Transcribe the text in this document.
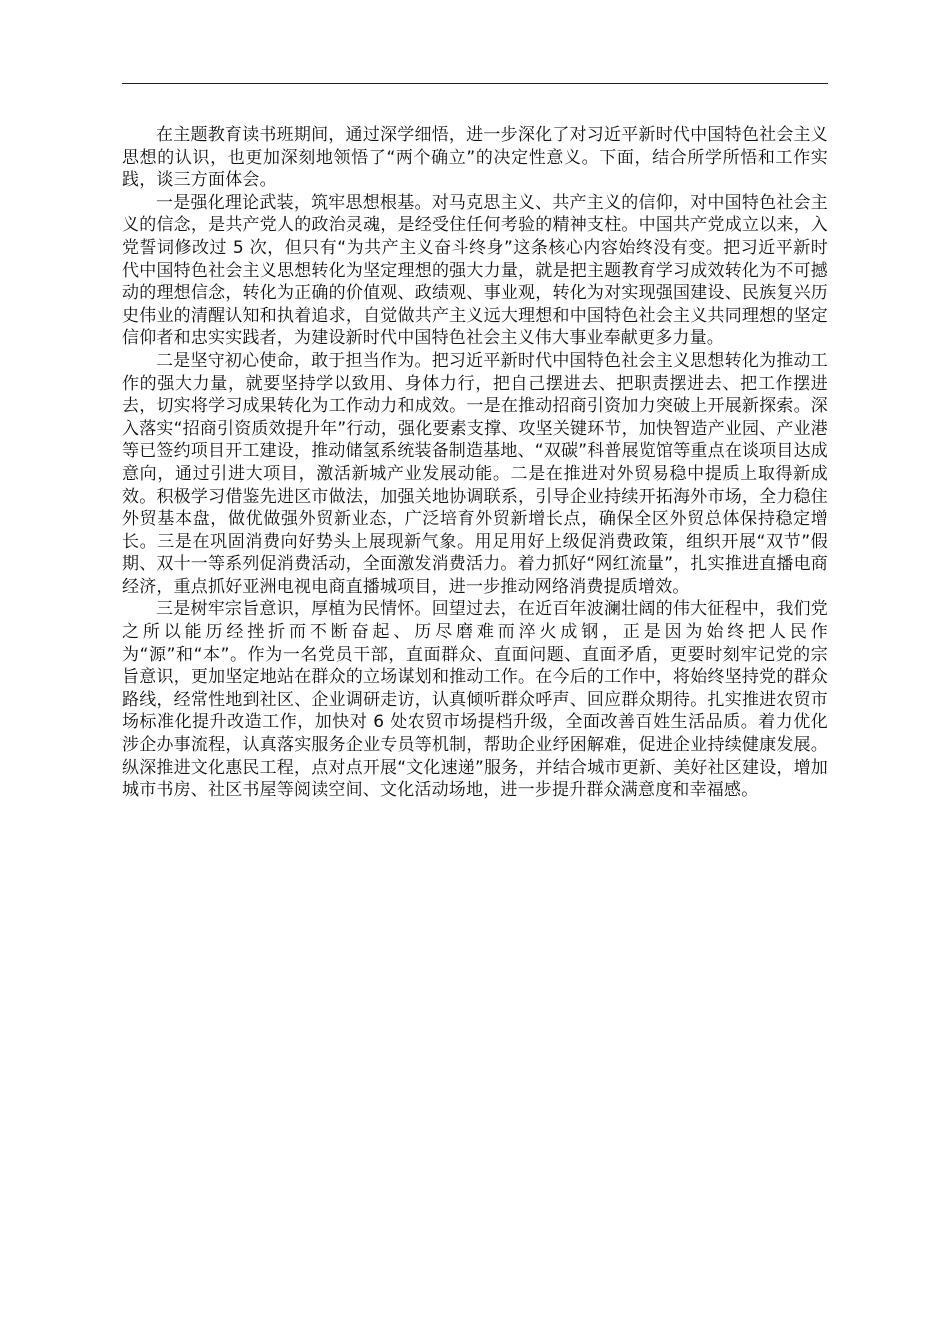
在主题教育读书班期间，通过深学细悟，进一步深化了对习近平新时代中国特色社会主义思想的认识，也更加深刻地领悟了“两个确立”的决定性意义。下面，结合所学所悟和工作实践，谈三方面体会。

一是强化理论武装，筑牢思想根基。对马克思主义、共产主义的信仰，对中国特色社会主义的信念，是共产党人的政治灵魂，是经受住任何考验的精神支柱。中国共产党成立以来，入党誓词修改过 5 次，但只有“为共产主义奋斗终身”这条核心内容始终没有变。把习近平新时代中国特色社会主义思想转化为坚定理想的强大力量，就是把主题教育学习成效转化为不可撼动的理想信念，转化为正确的价值观、政绩观、事业观，转化为对实现强国建设、民族复兴历史伟业的清醒认知和执着追求，自觉做共产主义远大理想和中国特色社会主义共同理想的坚定信仰者和忠实实践者，为建设新时代中国特色社会主义伟大事业奉献更多力量。

二是坚守初心使命，敢于担当作为。把习近平新时代中国特色社会主义思想转化为推动工作的强大力量，就要坚持学以致用、身体力行，把自己摆进去、把职责摆进去、把工作摆进去，切实将学习成果转化为工作动力和成效。一是在推动招商引资加力突破上开展新探索。深入落实“招商引资质效提升年”行动，强化要素支撑、攻坚关键环节，加快智造产业园、产业港等已签约项目开工建设，推动储氢系统装备制造基地、“双碳”科普展览馆等重点在谈项目达成意向，通过引进大项目，激活新城产业发展动能。二是在推进对外贸易稳中提质上取得新成效。积极学习借鉴先进区市做法，加强关地协调联系，引导企业持续开拓海外市场，全力稳住外贸基本盘，做优做强外贸新业态，广泛培育外贸新增长点，确保全区外贸总体保持稳定增长。三是在巩固消费向好势头上展现新气象。用足用好上级促消费政策，组织开展“双节”假期、双十一等系列促消费活动，全面激发消费活力。着力抓好“网红流量”，扎实推进直播电商经济，重点抓好亚洲电视电商直播城项目，进一步推动网络消费提质增效。

三是树牢宗旨意识，厚植为民情怀。回望过去，在近百年波澜壮阔的伟大征程中，我们党之所以能历经挫折而不断奋起、历尽磨难而淬火成钢，正是因为始终把人民作为“源”和“本”。作为一名党员干部，直面群众、直面问题、直面矛盾，更要时刻牢记党的宗旨意识，更加坚定地站在群众的立场谋划和推动工作。在今后的工作中，将始终坚持党的群众路线，经常性地到社区、企业调研走访，认真倾听群众呼声、回应群众期待。扎实推进农贸市场标准化提升改造工作，加快对 6 处农贸市场提档升级，全面改善百姓生活品质。着力优化涉企办事流程，认真落实服务企业专员等机制，帮助企业纾困解难，促进企业持续健康发展。纵深推进文化惠民工程，点对点开展“文化速递”服务，并结合城市更新、美好社区建设，增加城市书房、社区书屋等阅读空间、文化活动场地，进一步提升群众满意度和幸福感。
